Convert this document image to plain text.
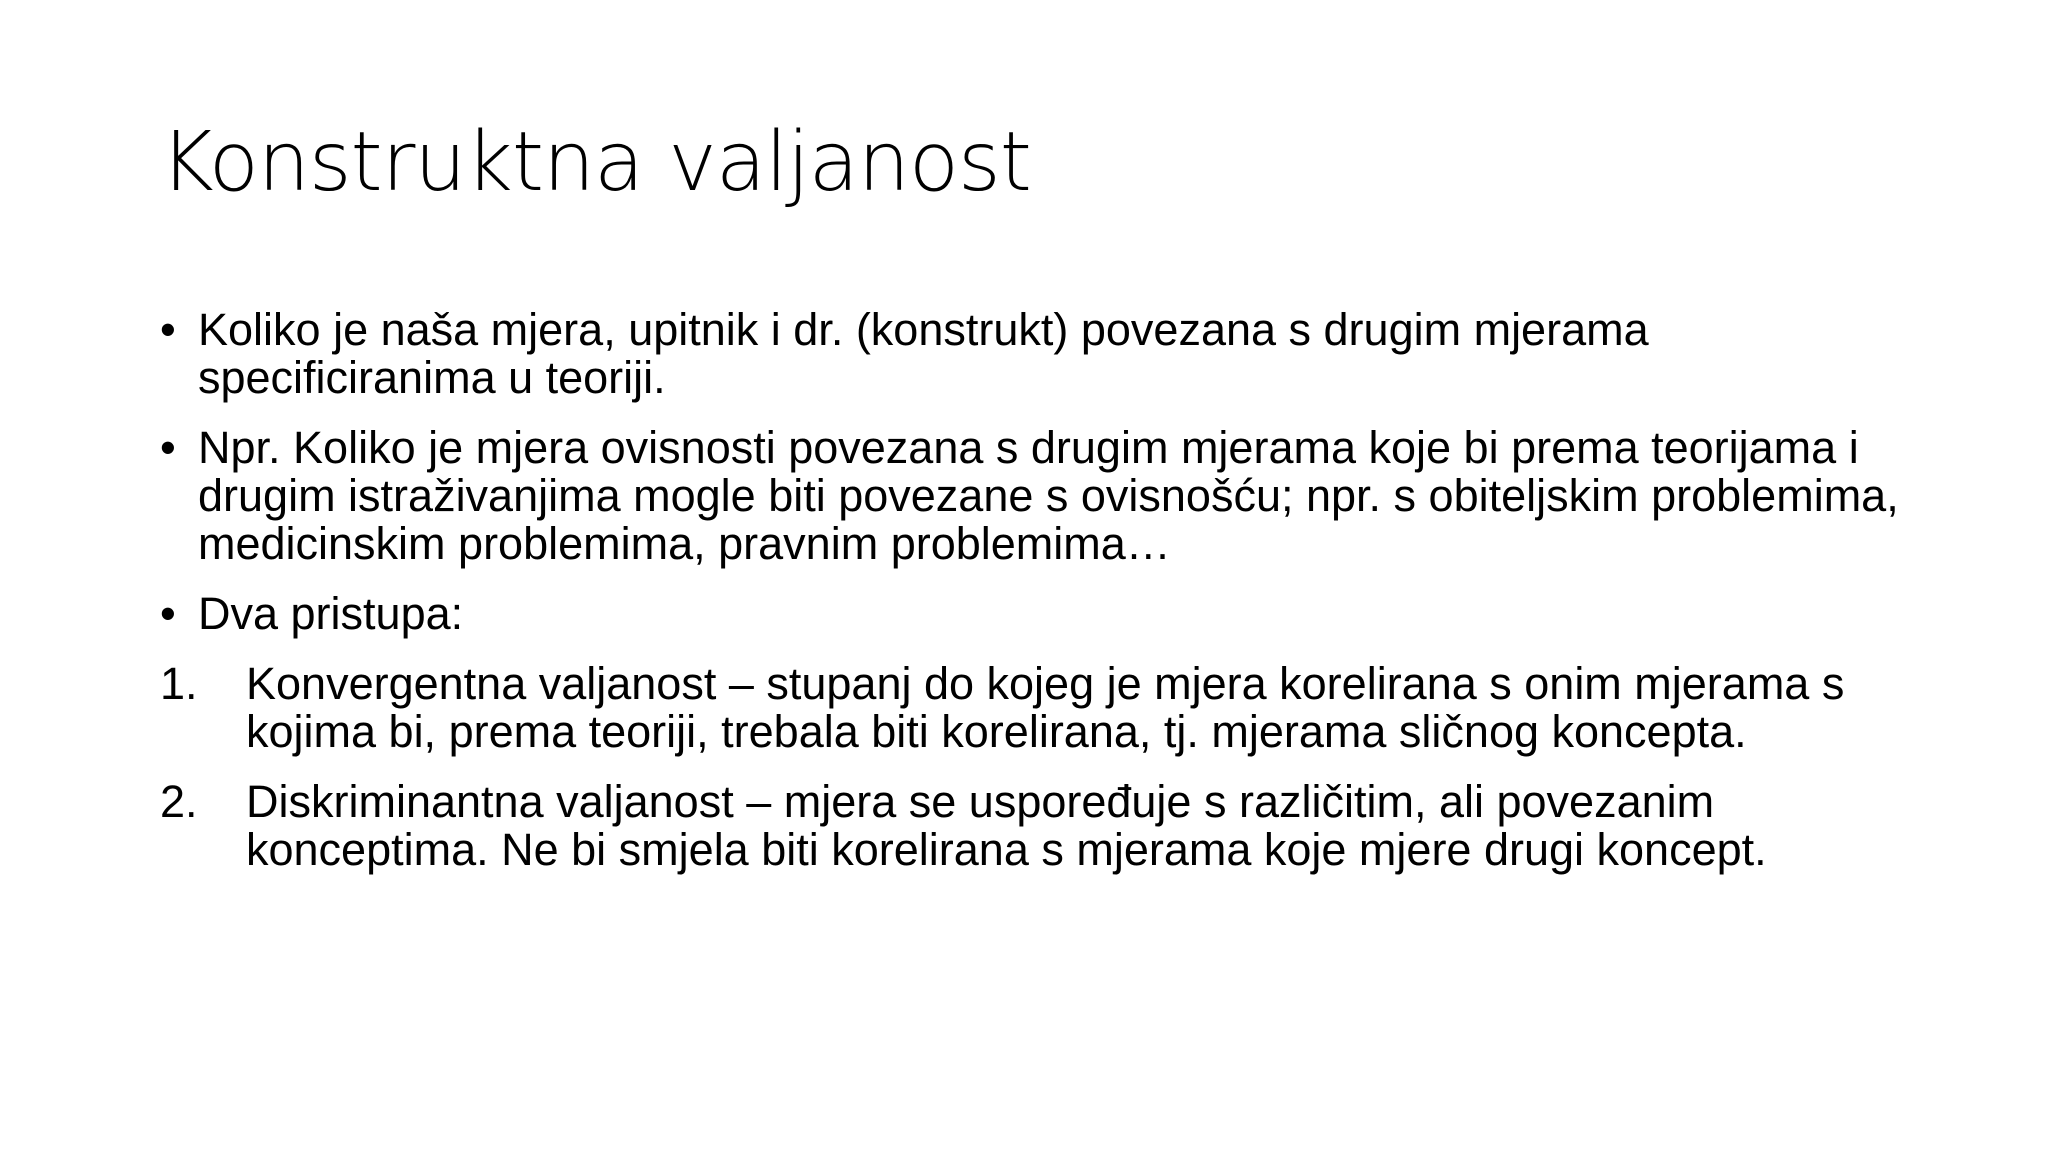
Konstruktna valjanost
• Koliko je naša mjera, upitnik i dr. (konstrukt) povezana s drugim mjerama specificiranima u teoriji.
• Npr. Koliko je mjera ovisnosti povezana s drugim mjerama koje bi prema teorijama i drugim istraživanjima mogle biti povezane s ovisnošću; npr. s obiteljskim problemima, medicinskim problemima, pravnim problemima…
• Dva pristupa:
1. Konvergentna valjanost – stupanj do kojeg je mjera korelirana s onim mjerama s kojima bi, prema teoriji, trebala biti korelirana, tj. mjerama sličnog koncepta.
2. Diskriminantna valjanost – mjera se uspoređuje s različitim, ali povezanim konceptima. Ne bi smjela biti korelirana s mjerama koje mjere drugi koncept.
